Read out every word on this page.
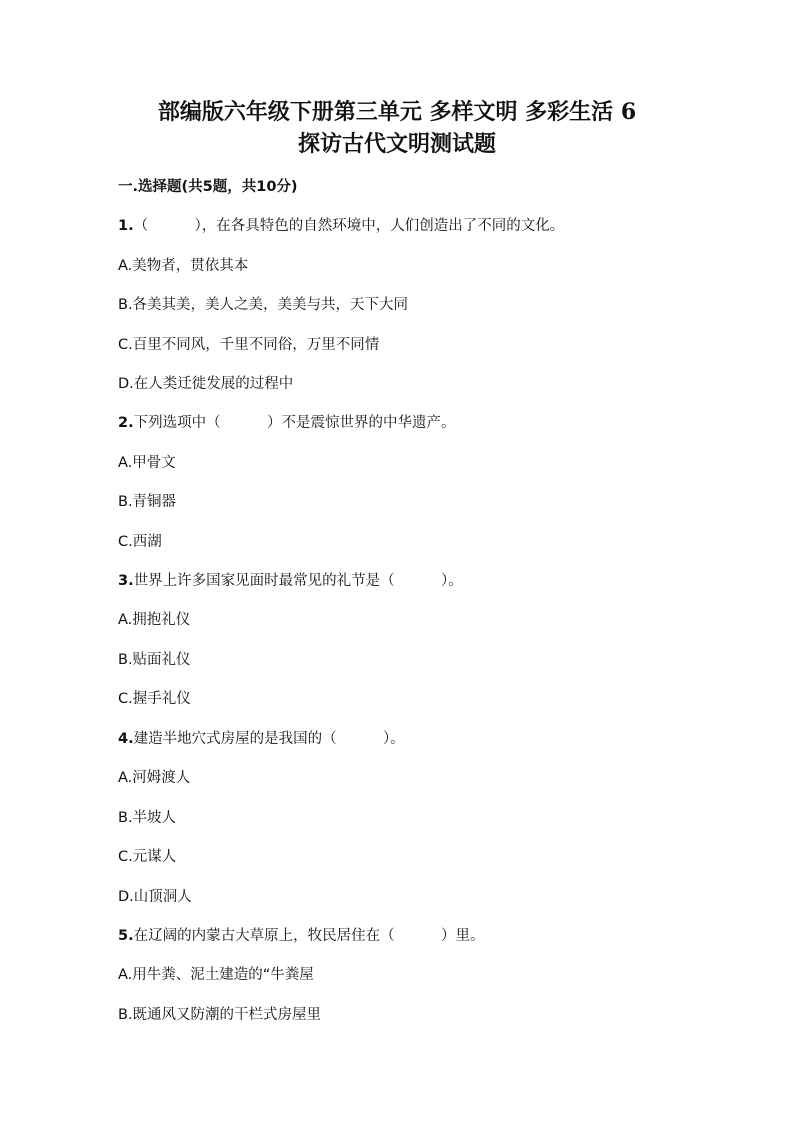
部编版六年级下册第三单元 多样文明 多彩生活 6
探访古代文明测试题
一.选择题(共5题，共10分)
1.（	），在各具特色的自然环境中，人们创造出了不同的文化。
A.美物者，贯依其本
B.各美其美，美人之美，美美与共，天下大同
C.百里不同风，千里不同俗，万里不同情
D.在人类迁徙发展的过程中
2.下列选项中（	）不是震惊世界的中华遗产。
A.甲骨文
B.青铜器
C.西湖
3.世界上许多国家见面时最常见的礼节是（	）。
A.拥抱礼仪
B.贴面礼仪
C.握手礼仪
4.建造半地穴式房屋的是我国的（	）。
A.河姆渡人
B.半坡人
C.元谋人
D.山顶洞人
5.在辽阔的内蒙古大草原上，牧民居住在（	）里。
A.用牛粪、泥土建造的“牛粪屋
B.既通风又防潮的干栏式房屋里
